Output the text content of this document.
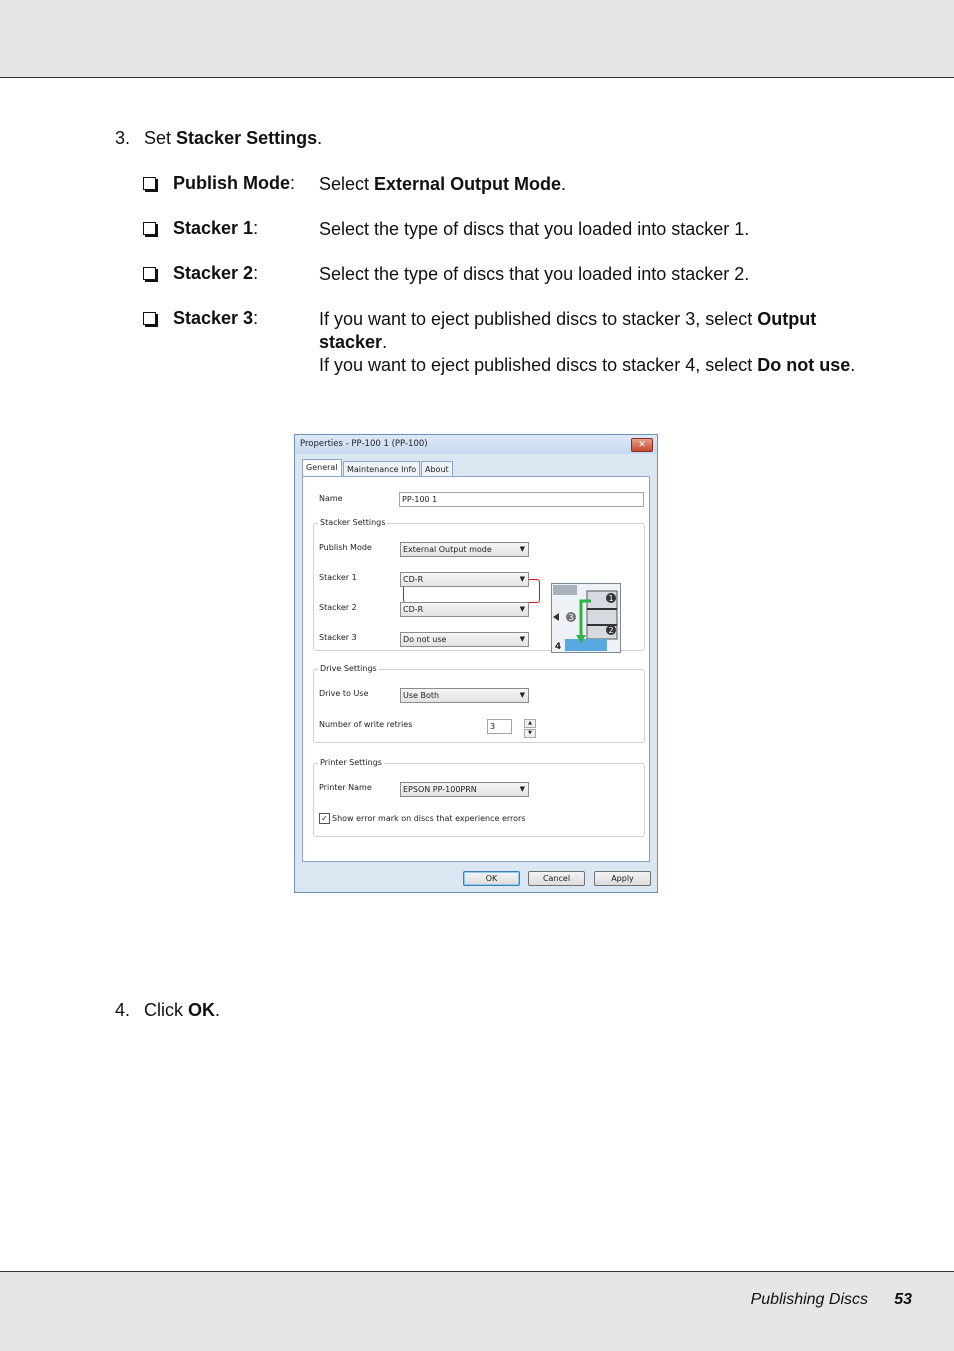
3. Set Stacker Settings.
Publish Mode: Select External Output Mode.
Stacker 1:	Select the type of discs that you loaded into stacker 1.
Stacker 2:	Select the type of discs that you loaded into stacker 2.
Stacker 3:	If you want to eject published discs to stacker 3, select Output stacker.
If you want to eject published discs to stacker 4, select Do not use.
Properties - PP-100 1 (PP-100)	✕
General	Maintenance Info	About
Name	PP-100 1
Stacker Settings
Publish Mode	External Output mode	▼
Stacker 1	CD-R	▼
Stacker 2	CD-R	▼
Stacker 3	Do not use	▼
1
2
3
4
Drive Settings
Drive to Use	Use Both	▼
Number of write retries	3	▲
▼
Printer Settings
Printer Name	EPSON PP-100PRN	▼
✓ Show error mark on discs that experience errors
OK	Cancel	Apply
4. Click OK.
Publishing Discs 53
